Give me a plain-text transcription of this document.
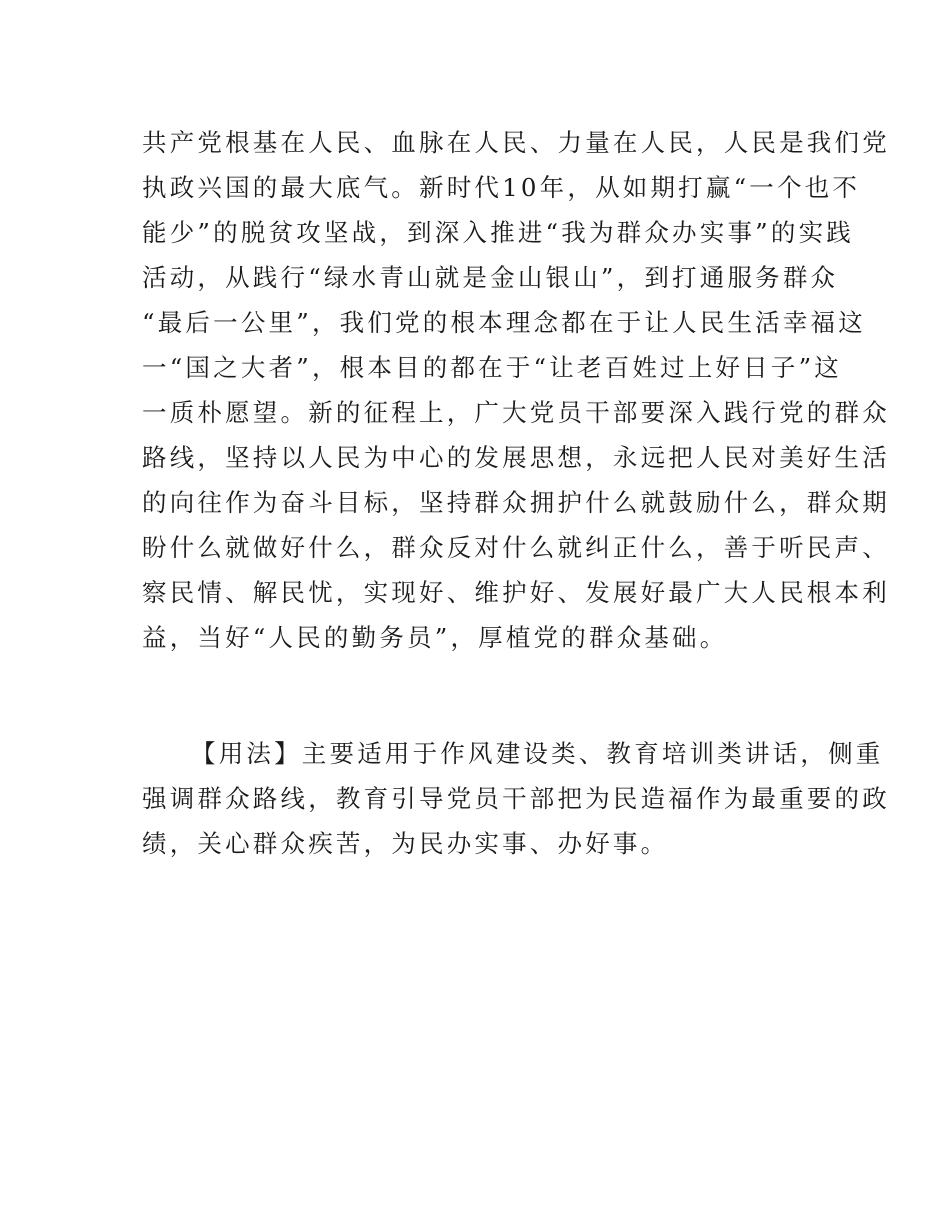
共产党根基在人民、血脉在人民、力量在人民，人民是我们党
执政兴国的最大底气。新时代10年，从如期打赢“一个也不
能少”的脱贫攻坚战，到深入推进“我为群众办实事”的实践
活动，从践行“绿水青山就是金山银山”，到打通服务群众
“最后一公里”，我们党的根本理念都在于让人民生活幸福这
一“国之大者”，根本目的都在于“让老百姓过上好日子”这
一质朴愿望。新的征程上，广大党员干部要深入践行党的群众
路线，坚持以人民为中心的发展思想，永远把人民对美好生活
的向往作为奋斗目标，坚持群众拥护什么就鼓励什么，群众期
盼什么就做好什么，群众反对什么就纠正什么，善于听民声、
察民情、解民忧，实现好、维护好、发展好最广大人民根本利
益，当好“人民的勤务员”，厚植党的群众基础。
【用法】主要适用于作风建设类、教育培训类讲话，侧重
强调群众路线，教育引导党员干部把为民造福作为最重要的政
绩，关心群众疾苦，为民办实事、办好事。
